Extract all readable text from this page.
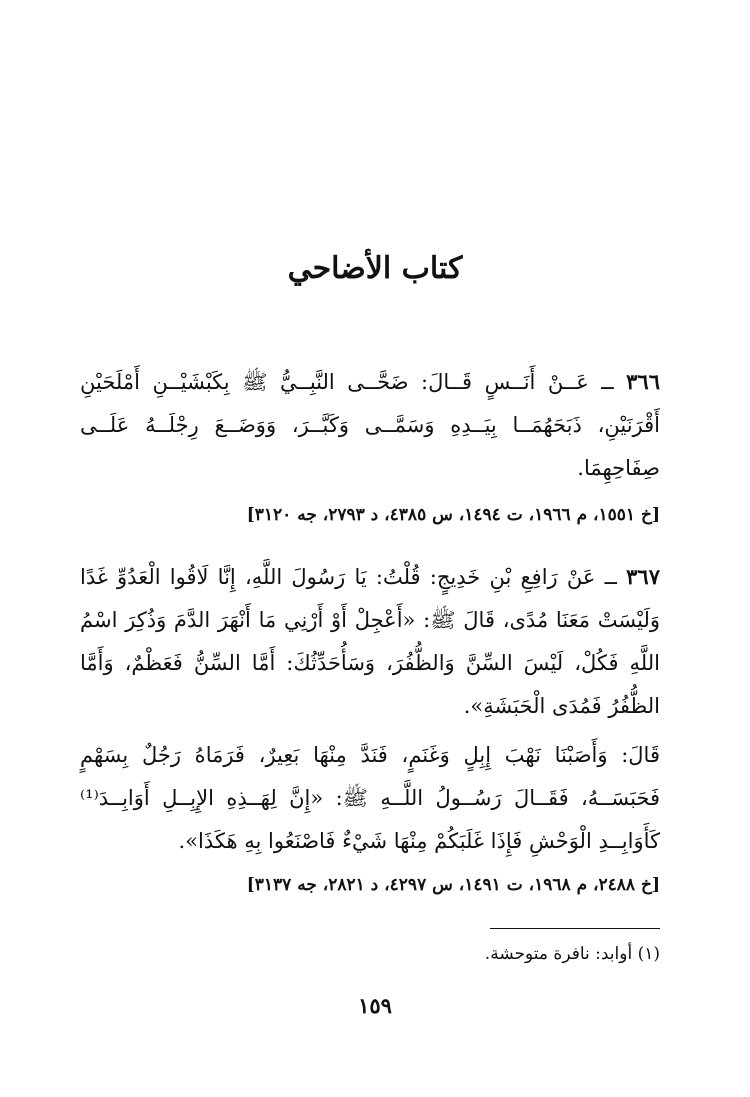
كتاب الأضاحي
٣٦٦ ــ عَــنْ أَنَــسٍ قَــالَ: ضَحَّــى النَّبِــيُّ ﷺ بِكَبْشَيْــنِ أَمْلَحَيْنِ أَقْرَنَيْنِ، ذَبَحَهُمَــا بِيَــدِهِ وَسَمَّــى وَكَبَّــرَ، وَوَضَــعَ رِجْلَــهُ عَلَــى صِفَاحِهِمَا.
[خ ١٥٥١، م ١٩٦٦، ت ١٤٩٤، س ٤٣٨٥، د ٢٧٩٣، جه ٣١٢٠]
٣٦٧ ــ عَنْ رَافِعِ بْنِ خَدِيجٍ: قُلْتُ: يَا رَسُولَ اللَّهِ، إِنَّا لَاقُوا الْعَدُوِّ غَدًا وَلَيْسَتْ مَعَنَا مُدًى، قَالَ ﷺ: «أَعْجِلْ أَوْ أَرْنِي مَا أَنْهَرَ الدَّمَ وَذُكِرَ اسْمُ اللَّهِ فَكُلْ، لَيْسَ السِّنَّ وَالظُّفُرَ، وَسَأُحَدِّثُكَ: أَمَّا السِّنُّ فَعَظْمٌ، وَأَمَّا الظُّفُرُ فَمُدَى الْحَبَشَةِ».
قَالَ: وَأَصَبْنَا نَهْبَ إِبِلٍ وَغَنَمٍ، فَنَدَّ مِنْهَا بَعِيرٌ، فَرَمَاهُ رَجُلٌ بِسَهْمٍ فَحَبَسَــهُ، فَقَــالَ رَسُــولُ اللَّــهِ ﷺ: «إِنَّ لِهَــذِهِ الإِبِــلِ أَوَابِــدَ⁽¹⁾ كَأَوَابِــدِ الْوَحْشِ فَإِذَا غَلَبَكُمْ مِنْهَا شَيْءٌ فَاصْنَعُوا بِهِ هَكَذَا».
[خ ٢٤٨٨، م ١٩٦٨، ت ١٤٩١، س ٤٢٩٧، د ٢٨٢١، جه ٣١٣٧]
(١) أوابد: نافرة متوحشة.
١٥٩
